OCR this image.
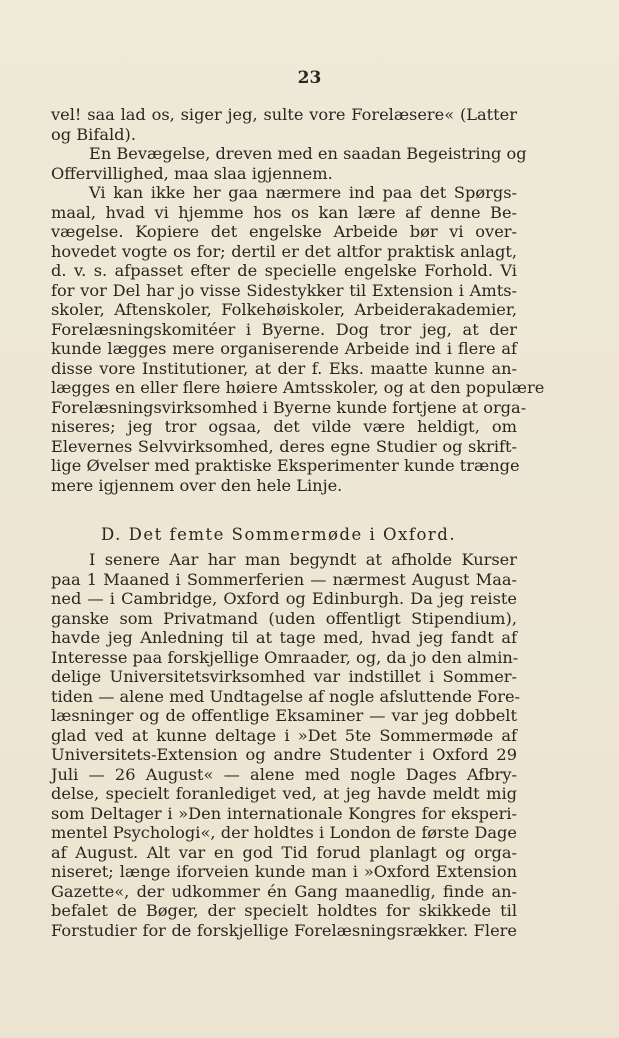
23
vel! saa lad os, siger jeg, sulte vore Forelæsere« (Latter
og Bifald).
En Bevægelse, dreven med en saadan Begeistring og
Offervillighed, maa slaa igjennem.
Vi kan ikke her gaa nærmere ind paa det Spørgs-
maal, hvad vi hjemme hos os kan lære af denne Be-
vægelse. Kopiere det engelske Arbeide bør vi over-
hovedet vogte os for; dertil er det altfor praktisk anlagt,
d. v. s. afpasset efter de specielle engelske Forhold. Vi
for vor Del har jo visse Sidestykker til Extension i Amts-
skoler, Aftenskoler, Folkehøiskoler, Arbeiderakademier,
Forelæsningskomitéer i Byerne. Dog tror jeg, at der
kunde lægges mere organiserende Arbeide ind i flere af
disse vore Institutioner, at der f. Eks. maatte kunne an-
lægges en eller flere høiere Amtsskoler, og at den populære
Forelæsningsvirksomhed i Byerne kunde fortjene at orga-
niseres; jeg tror ogsaa, det vilde være heldigt, om
Elevernes Selvvirksomhed, deres egne Studier og skrift-
lige Øvelser med praktiske Eksperimenter kunde trænge
mere igjennem over den hele Linje.
D. Det femte Sommermøde i Oxford.
I senere Aar har man begyndt at afholde Kurser
paa 1 Maaned i Sommerferien — nærmest August Maa-
ned — i Cambridge, Oxford og Edinburgh. Da jeg reiste
ganske som Privatmand (uden offentligt Stipendium),
havde jeg Anledning til at tage med, hvad jeg fandt af
Interesse paa forskjellige Omraader, og, da jo den almin-
delige Universitetsvirksomhed var indstillet i Sommer-
tiden — alene med Undtagelse af nogle afsluttende Fore-
læsninger og de offentlige Eksaminer — var jeg dobbelt
glad ved at kunne deltage i »Det 5te Sommermøde af
Universitets-Extension og andre Studenter i Oxford 29
Juli — 26 August« — alene med nogle Dages Afbry-
delse, specielt foranlediget ved, at jeg havde meldt mig
som Deltager i »Den internationale Kongres for eksperi-
mentel Psychologi«, der holdtes i London de første Dage
af August. Alt var en god Tid forud planlagt og orga-
niseret; længe iforveien kunde man i »Oxford Extension
Gazette«, der udkommer én Gang maanedlig, finde an-
befalet de Bøger, der specielt holdtes for skikkede til
Forstudier for de forskjellige Forelæsningsrækker. Flere
